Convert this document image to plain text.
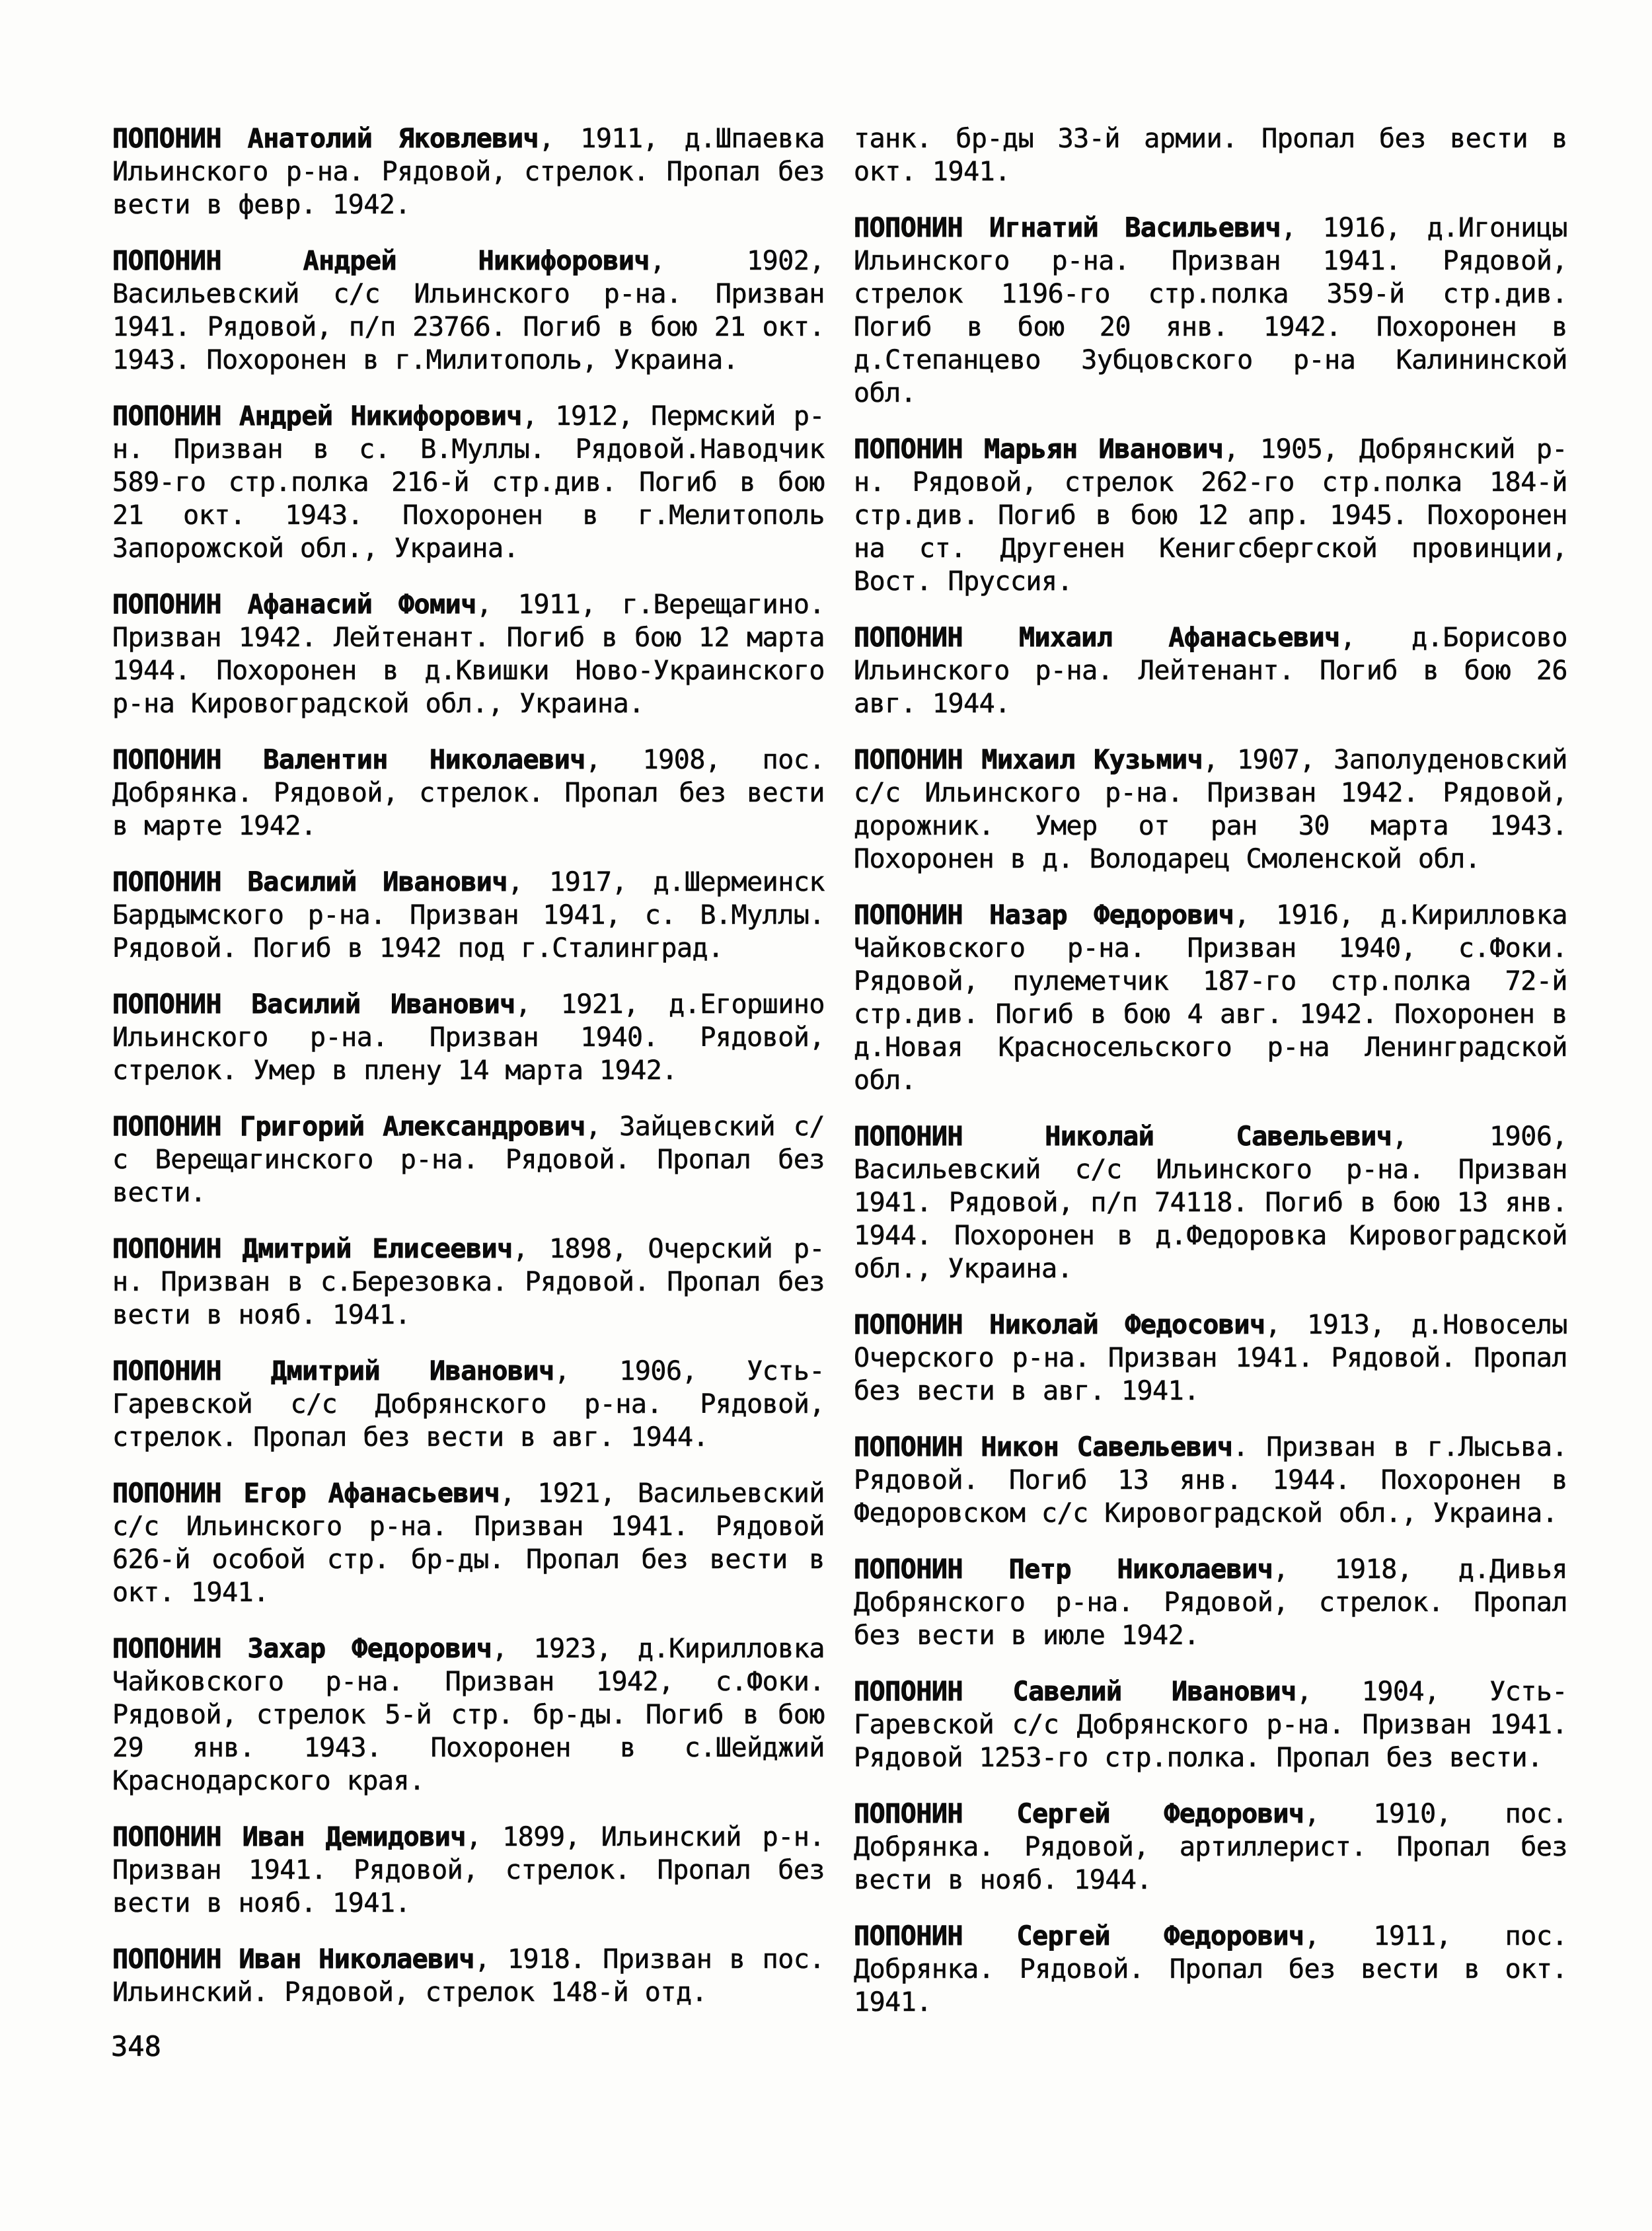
ПОПОНИН Анатолий Яковлевич, 1911, д.Шпаевка Ильинского р-на. Рядовой, стрелок. Пропал без вести в февр. 1942.

ПОПОНИН Андрей Никифорович, 1902, Васильевский с/с Ильинского р-на. Призван 1941. Рядовой, п/п 23766. Погиб в бою 21 окт. 1943. Похоронен в г.Милитополь, Украина.

ПОПОНИН Андрей Никифорович, 1912, Пермский р-н. Призван в с. В.Муллы. Рядовой.Наводчик 589-го стр.полка 216-й стр.див. Погиб в бою 21 окт. 1943. Похоронен в г.Мелитополь Запорожской обл., Украина.

ПОПОНИН Афанасий Фомич, 1911, г.Верещагино. Призван 1942. Лейтенант. Погиб в бою 12 марта 1944. Похоронен в д.Квишки Ново-Украинского р-на Кировоградской обл., Украина.

ПОПОНИН Валентин Николаевич, 1908, пос. Добрянка. Рядовой, стрелок. Пропал без вести в марте 1942.

ПОПОНИН Василий Иванович, 1917, д.Шермеинск Бардымского р-на. Призван 1941, с. В.Муллы. Рядовой. Погиб в 1942 под г.Сталинград.

ПОПОНИН Василий Иванович, 1921, д.Егоршино Ильинского р-на. Призван 1940. Рядовой, стрелок. Умер в плену 14 марта 1942.

ПОПОНИН Григорий Александрович, Зайцевский с/с Верещагинского р-на. Рядовой. Пропал без вести.

ПОПОНИН Дмитрий Елисеевич, 1898, Очерский р-н. Призван в с.Березовка. Рядовой. Пропал без вести в нояб. 1941.

ПОПОНИН Дмитрий Иванович, 1906, Усть-Гаревской с/с Добрянского р-на. Рядовой, стрелок. Пропал без вести в авг. 1944.

ПОПОНИН Егор Афанасьевич, 1921, Васильевский с/с Ильинского р-на. Призван 1941. Рядовой 626-й особой стр. бр-ды. Пропал без вести в окт. 1941.

ПОПОНИН Захар Федорович, 1923, д.Кирилловка Чайковского р-на. Призван 1942, с.Фоки. Рядовой, стрелок 5-й стр. бр-ды. Погиб в бою 29 янв. 1943. Похоронен в с.Шейджий Краснодарского края.

ПОПОНИН Иван Демидович, 1899, Ильинский р-н. Призван 1941. Рядовой, стрелок. Пропал без вести в нояб. 1941.

ПОПОНИН Иван Николаевич, 1918. Призван в пос. Ильинский. Рядовой, стрелок 148-й отд.

танк. бр-ды 33-й армии. Пропал без вести в окт. 1941.

ПОПОНИН Игнатий Васильевич, 1916, д.Игоницы Ильинского р-на. Призван 1941. Рядовой, стрелок 1196-го стр.полка 359-й стр.див. Погиб в бою 20 янв. 1942. Похоронен в д.Степанцево Зубцовского р-на Калининской обл.

ПОПОНИН Марьян Иванович, 1905, Добрянский р-н. Рядовой, стрелок 262-го стр.полка 184-й стр.див. Погиб в бою 12 апр. 1945. Похоронен на ст. Другенен Кенигсбергской провинции, Вост. Пруссия.

ПОПОНИН Михаил Афанасьевич, д.Борисово Ильинского р-на. Лейтенант. Погиб в бою 26 авг. 1944.

ПОПОНИН Михаил Кузьмич, 1907, Заполуденовский с/с Ильинского р-на. Призван 1942. Рядовой, дорожник. Умер от ран 30 марта 1943. Похоронен в д. Володарец Смоленской обл.

ПОПОНИН Назар Федорович, 1916, д.Кирилловка Чайковского р-на. Призван 1940, с.Фоки. Рядовой, пулеметчик 187-го стр.полка 72-й стр.див. Погиб в бою 4 авг. 1942. Похоронен в д.Новая Красносельского р-на Ленинградской обл.

ПОПОНИН Николай Савельевич, 1906, Васильевский с/с Ильинского р-на. Призван 1941. Рядовой, п/п 74118. Погиб в бою 13 янв. 1944. Похоронен в д.Федоровка Кировоградской обл., Украина.

ПОПОНИН Николай Федосович, 1913, д.Новоселы Очерского р-на. Призван 1941. Рядовой. Пропал без вести в авг. 1941.

ПОПОНИН Никон Савельевич. Призван в г.Лысьва. Рядовой. Погиб 13 янв. 1944. Похоронен в Федоровском с/с Кировоградской обл., Украина.

ПОПОНИН Петр Николаевич, 1918, д.Дивья Добрянского р-на. Рядовой, стрелок. Пропал без вести в июле 1942.

ПОПОНИН Савелий Иванович, 1904, Усть-Гаревской с/с Добрянского р-на. Призван 1941. Рядовой 1253-го стр.полка. Пропал без вести.

ПОПОНИН Сергей Федорович, 1910, пос. Добрянка. Рядовой, артиллерист. Пропал без вести в нояб. 1944.

ПОПОНИН Сергей Федорович, 1911, пос. Добрянка. Рядовой. Пропал без вести в окт. 1941.

348
